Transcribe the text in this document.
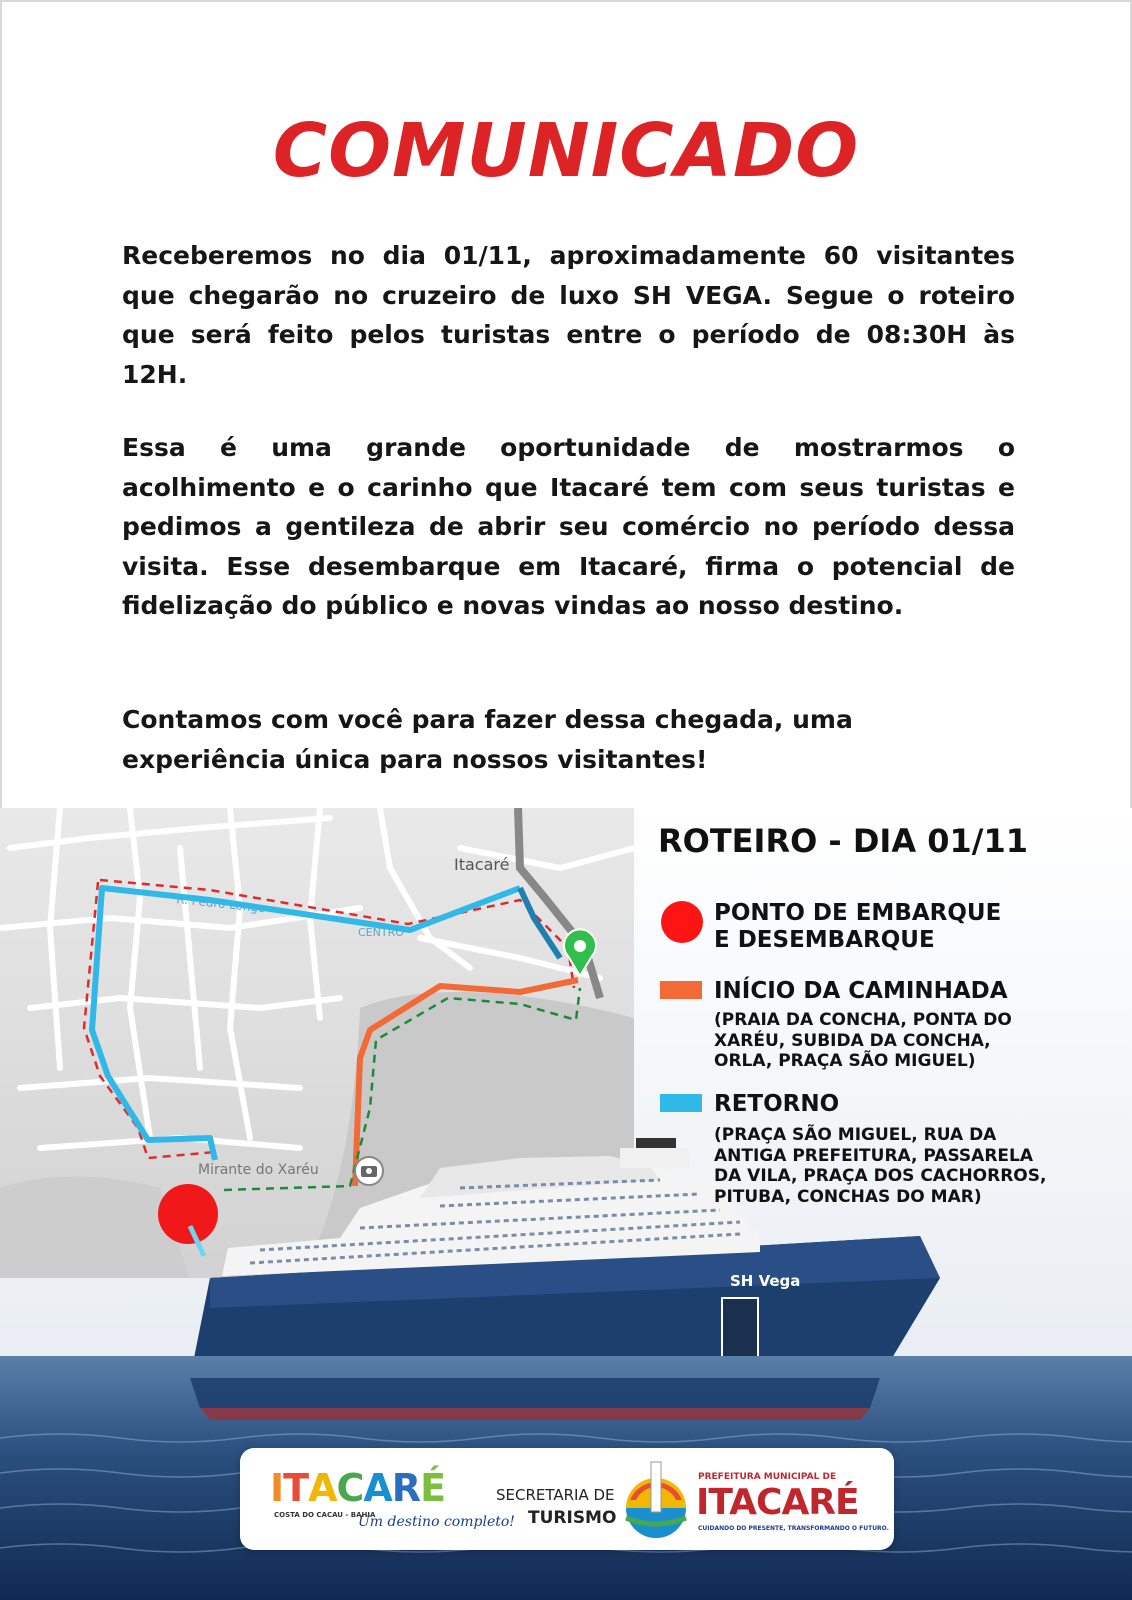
COMUNICADO

Receberemos no dia 01/11, aproximadamente 60 visitantes que chegarão no cruzeiro de luxo SH VEGA. Segue o roteiro que será feito pelos turistas entre o período de 08:30H às 12H.

Essa é uma grande oportunidade de mostrarmos o acolhimento e o carinho que Itacaré tem com seus turistas e pedimos a gentileza de abrir seu comércio no período dessa visita. Esse desembarque em Itacaré, firma o potencial de fidelização do público e novas vindas ao nosso destino.

Contamos com você para fazer dessa chegada, uma experiência única para nossos visitantes!

Itacaré
R. Pedro Longo
CENTRO
Mirante do Xaréu
SH Vega
ROTEIRO - DIA 01/11
PONTO DE EMBARQUE
E DESEMBARQUE
INÍCIO DA CAMINHADA
(PRAIA DA CONCHA, PONTA DO
XARÉU, SUBIDA DA CONCHA,
ORLA, PRAÇA SÃO MIGUEL)
RETORNO
(PRAÇA SÃO MIGUEL, RUA DA
ANTIGA PREFEITURA, PASSARELA
DA VILA, PRAÇA DOS CACHORROS,
PITUBA, CONCHAS DO MAR)
ITACARÉ
COSTA DO CACAU - BAHIA
Um destino completo!
SECRETARIA DE
TURISMO
PREFEITURA MUNICIPAL DE
ITACARÉ
CUIDANDO DO PRESENTE, TRANSFORMANDO O FUTURO.
